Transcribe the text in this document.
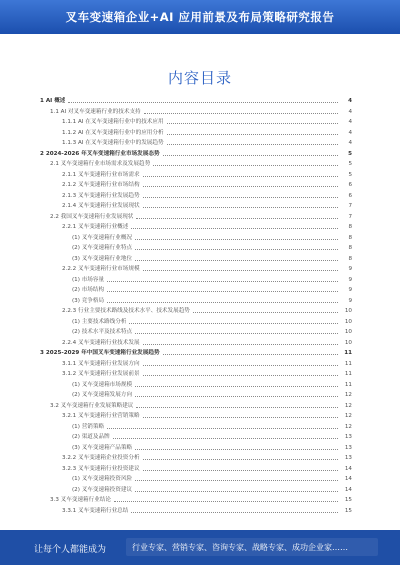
叉车变速箱企业+AI 应用前景及布局策略研究报告
内容目录
1 AI 概述	4
1.1 AI 对叉车变速箱行业的技术支持	4
1.1.1 AI 在叉车变速箱行业中的技术应用	4
1.1.2 AI 在叉车变速箱行业中的应用分析	4
1.1.3 AI 在叉车变速箱行业中的发展趋势	4
2 2024-2026 年叉车变速箱行业市场发展态势	5
2.1 叉车变速箱行业市场需求及发展趋势	5
2.1.1 叉车变速箱行业市场需求	5
2.1.2 叉车变速箱行业市场结构	6
2.1.3 叉车变速箱行业发展趋势	6
2.1.4 叉车变速箱行业发展现状	7
2.2 我国叉车变速箱行业发展现状	7
2.2.1 叉车变速箱行业概述	8
(1) 叉车变速箱行业概况	8
(2) 叉车变速箱行业特点	8
(3) 叉车变速箱行业地位	8
2.2.2 叉车变速箱行业市场规模	9
(1) 市场容量	9
(2) 市场结构	9
(3) 竞争格局	9
2.2.3 行业主要技术路线及技术水平、技术发展趋势	10
(1) 主要技术路线分析	10
(2) 技术水平及技术特点	10
2.2.4 叉车变速箱行业技术发展	10
3 2025-2029 年中国叉车变速箱行业发展趋势	11
3.1.1 叉车变速箱行业发展方向	11
3.1.2 叉车变速箱行业发展前景	11
(1) 叉车变速箱市场规模	11
(2) 叉车变速箱发展方向	12
3.2 叉车变速箱行业发展策略建议	12
3.2.1 叉车变速箱行业营销策略	12
(1) 营销策略	12
(2) 渠道及品牌	13
(3) 叉车变速箱产品策略	13
3.2.2 叉车变速箱企业投资分析	13
3.2.3 叉车变速箱行业投资建议	14
(1) 叉车变速箱投资风险	14
(2) 叉车变速箱投资建议	14
3.3 叉车变速箱行业结论	15
3.3.1 叉车变速箱行业总结	15
让每个人都能成为	行业专家、营销专家、咨询专家、战略专家、成功企业家……
